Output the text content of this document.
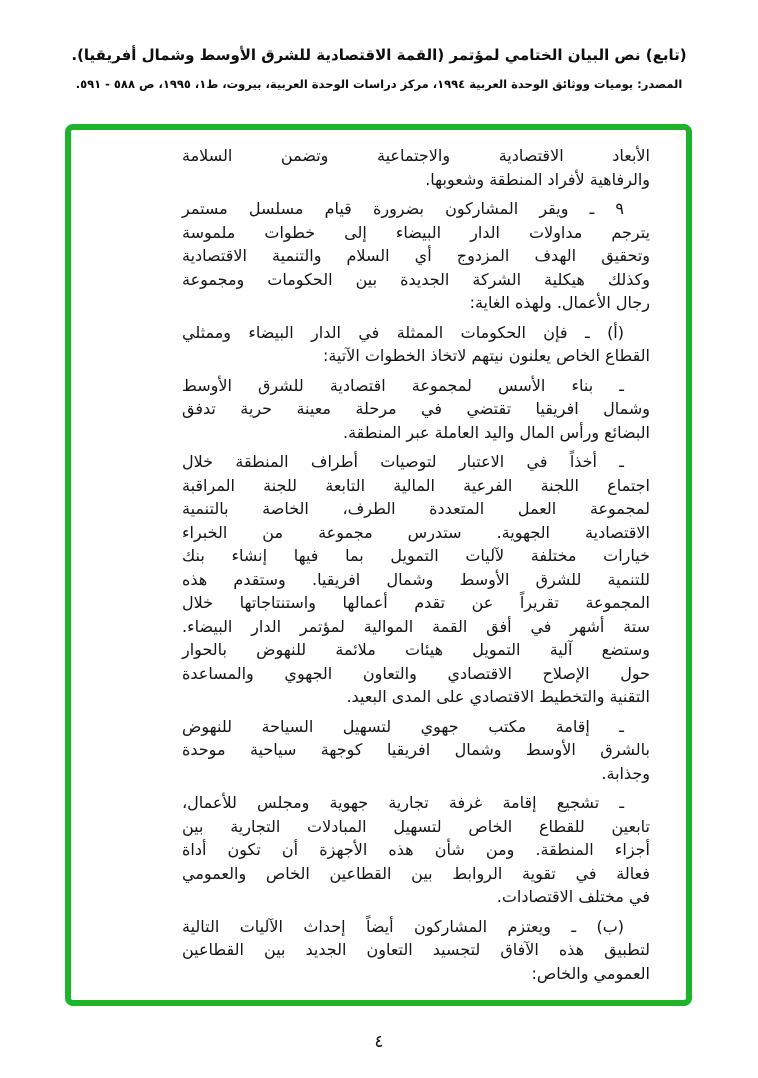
(تابع) نص البيان الختامي لمؤتمر (القمة الاقتصادية للشرق الأوسط وشمال أفريقيا).
المصدر: يوميات ووثائق الوحدة العربية ١٩٩٤، مركز دراسات الوحدة العربية، بيروت، ط١، ١٩٩٥، ص ٥٨٨ - ٥٩١.
الأبعاد الاقتصادية والاجتماعية وتضمن السلامة
والرفاهية لأفراد المنطقة وشعوبها.
٩ ـ ويقر المشاركون بضرورة قيام مسلسل مستمر
يترجم مداولات الدار البيضاء إلى خطوات ملموسة
وتحقيق الهدف المزدوج أي السلام والتنمية الاقتصادية
وكذلك هيكلية الشركة الجديدة بين الحكومات ومجموعة
رجال الأعمال. ولهذه الغاية:
(أ) ـ فإن الحكومات الممثلة في الدار البيضاء وممثلي
القطاع الخاص يعلنون نيتهم لاتخاذ الخطوات الآتية:
ـ بناء الأسس لمجموعة اقتصادية للشرق الأوسط
وشمال افريقيا تقتضي في مرحلة معينة حرية تدفق
البضائع ورأس المال واليد العاملة عبر المنطقة.
ـ أخذاً في الاعتبار لتوصيات أطراف المنطقة خلال
اجتماع اللجنة الفرعية المالية التابعة للجنة المراقبة
لمجموعة العمل المتعددة الطرف، الخاصة بالتنمية
الاقتصادية الجهوية. ستدرس مجموعة من الخبراء
خيارات مختلفة لآليات التمويل بما فيها إنشاء بنك
للتنمية للشرق الأوسط وشمال افريقيا. وستقدم هذه
المجموعة تقريراً عن تقدم أعمالها واستنتاجاتها خلال
ستة أشهر في أفق القمة الموالية لمؤتمر الدار البيضاء.
وستضع آلية التمويل هيئات ملائمة للنهوض بالحوار
حول الإصلاح الاقتصادي والتعاون الجهوي والمساعدة
التقنية والتخطيط الاقتصادي على المدى البعيد.
ـ إقامة مكتب جهوي لتسهيل السياحة للنهوض
بالشرق الأوسط وشمال افريقيا كوجهة سياحية موحدة
وجذابة.
ـ تشجيع إقامة غرفة تجارية جهوية ومجلس للأعمال،
تابعين للقطاع الخاص لتسهيل المبادلات التجارية بين
أجزاء المنطقة. ومن شأن هذه الأجهزة أن تكون أداة
فعالة في تقوية الروابط بين القطاعين الخاص والعمومي
في مختلف الاقتصادات.
(ب) ـ ويعتزم المشاركون أيضاً إحداث الآليات التالية
لتطبيق هذه الآفاق لتجسيد التعاون الجديد بين القطاعين
العمومي والخاص:
٤
